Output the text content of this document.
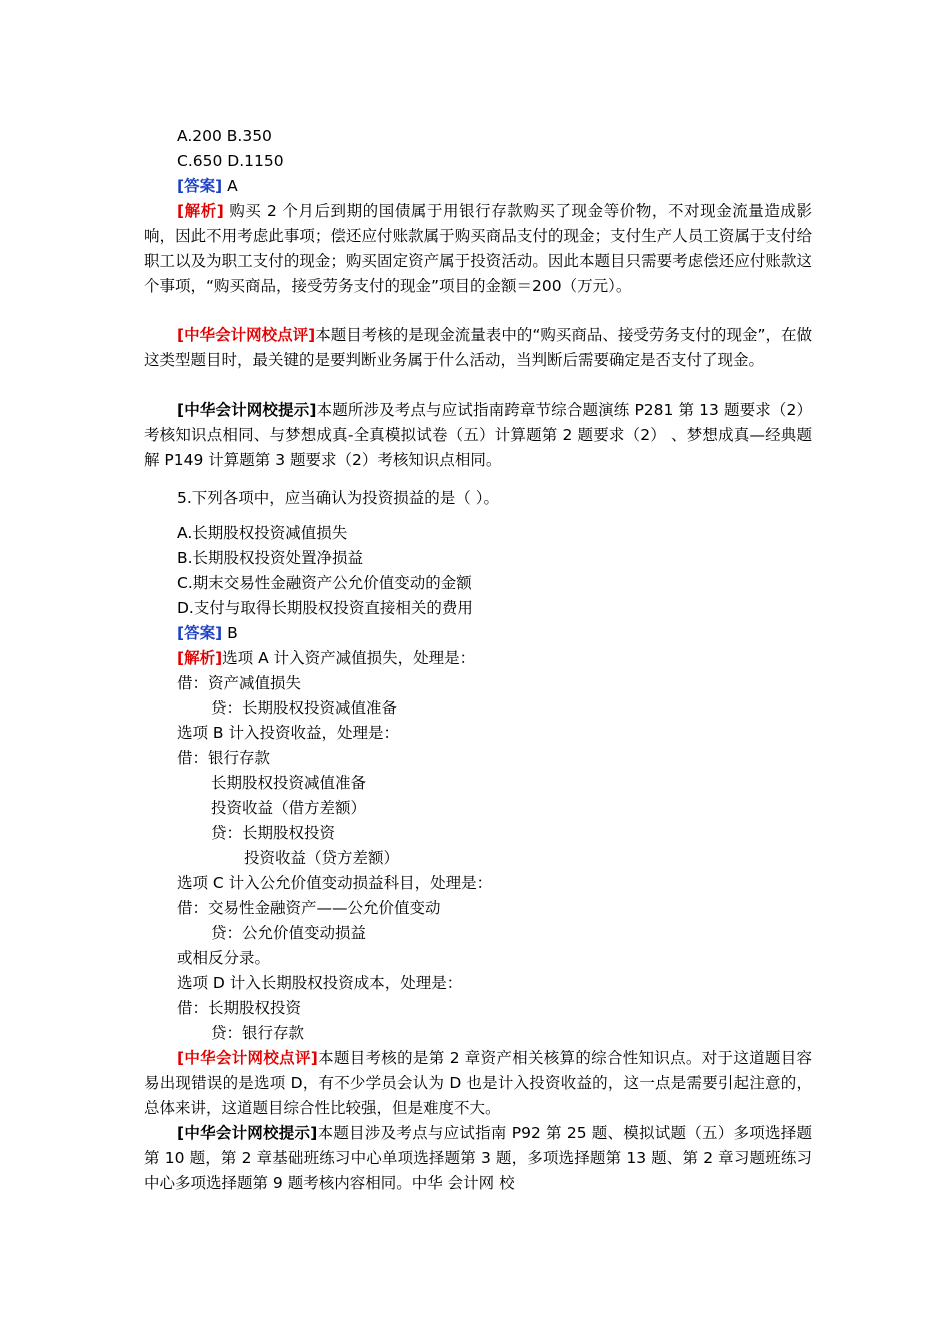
A.200 B.350
C.650 D.1150
[答案] A
[解析] 购买 2 个月后到期的国债属于用银行存款购买了现金等价物，不对现金流量造成影响，因此不用考虑此事项；偿还应付账款属于购买商品支付的现金；支付生产人员工资属于支付给职工以及为职工支付的现金；购买固定资产属于投资活动。因此本题目只需要考虑偿还应付账款这个事项，“购买商品，接受劳务支付的现金”项目的金额＝200（万元）。
[中华会计网校点评]本题目考核的是现金流量表中的“购买商品、接受劳务支付的现金”，在做这类型题目时，最关键的是要判断业务属于什么活动，当判断后需要确定是否支付了现金。
[中华会计网校提示]本题所涉及考点与应试指南跨章节综合题演练 P281 第 13 题要求（2）考核知识点相同、与梦想成真-全真模拟试卷（五）计算题第 2 题要求（2） 、梦想成真—经典题解 P149 计算题第 3 题要求（2）考核知识点相同。
5.下列各项中，应当确认为投资损益的是（ ）。
A.长期股权投资减值损失
B.长期股权投资处置净损益
C.期末交易性金融资产公允价值变动的金额
D.支付与取得长期股权投资直接相关的费用
[答案] B
[解析]选项 A 计入资产减值损失，处理是：
借：资产减值损失
贷：长期股权投资减值准备
选项 B 计入投资收益，处理是：
借：银行存款
长期股权投资减值准备
投资收益（借方差额）
贷：长期股权投资
投资收益（贷方差额）
选项 C 计入公允价值变动损益科目，处理是：
借：交易性金融资产——公允价值变动
贷：公允价值变动损益
或相反分录。
选项 D 计入长期股权投资成本，处理是：
借：长期股权投资
贷：银行存款
[中华会计网校点评]本题目考核的是第 2 章资产相关核算的综合性知识点。对于这道题目容易出现错误的是选项 D，有不少学员会认为 D 也是计入投资收益的，这一点是需要引起注意的，总体来讲，这道题目综合性比较强，但是难度不大。
[中华会计网校提示]本题目涉及考点与应试指南 P92 第 25 题、模拟试题（五）多项选择题第 10 题，第 2 章基础班练习中心单项选择题第 3 题，多项选择题第 13 题、第 2 章习题班练习中心多项选择题第 9 题考核内容相同。中华 会计网 校
